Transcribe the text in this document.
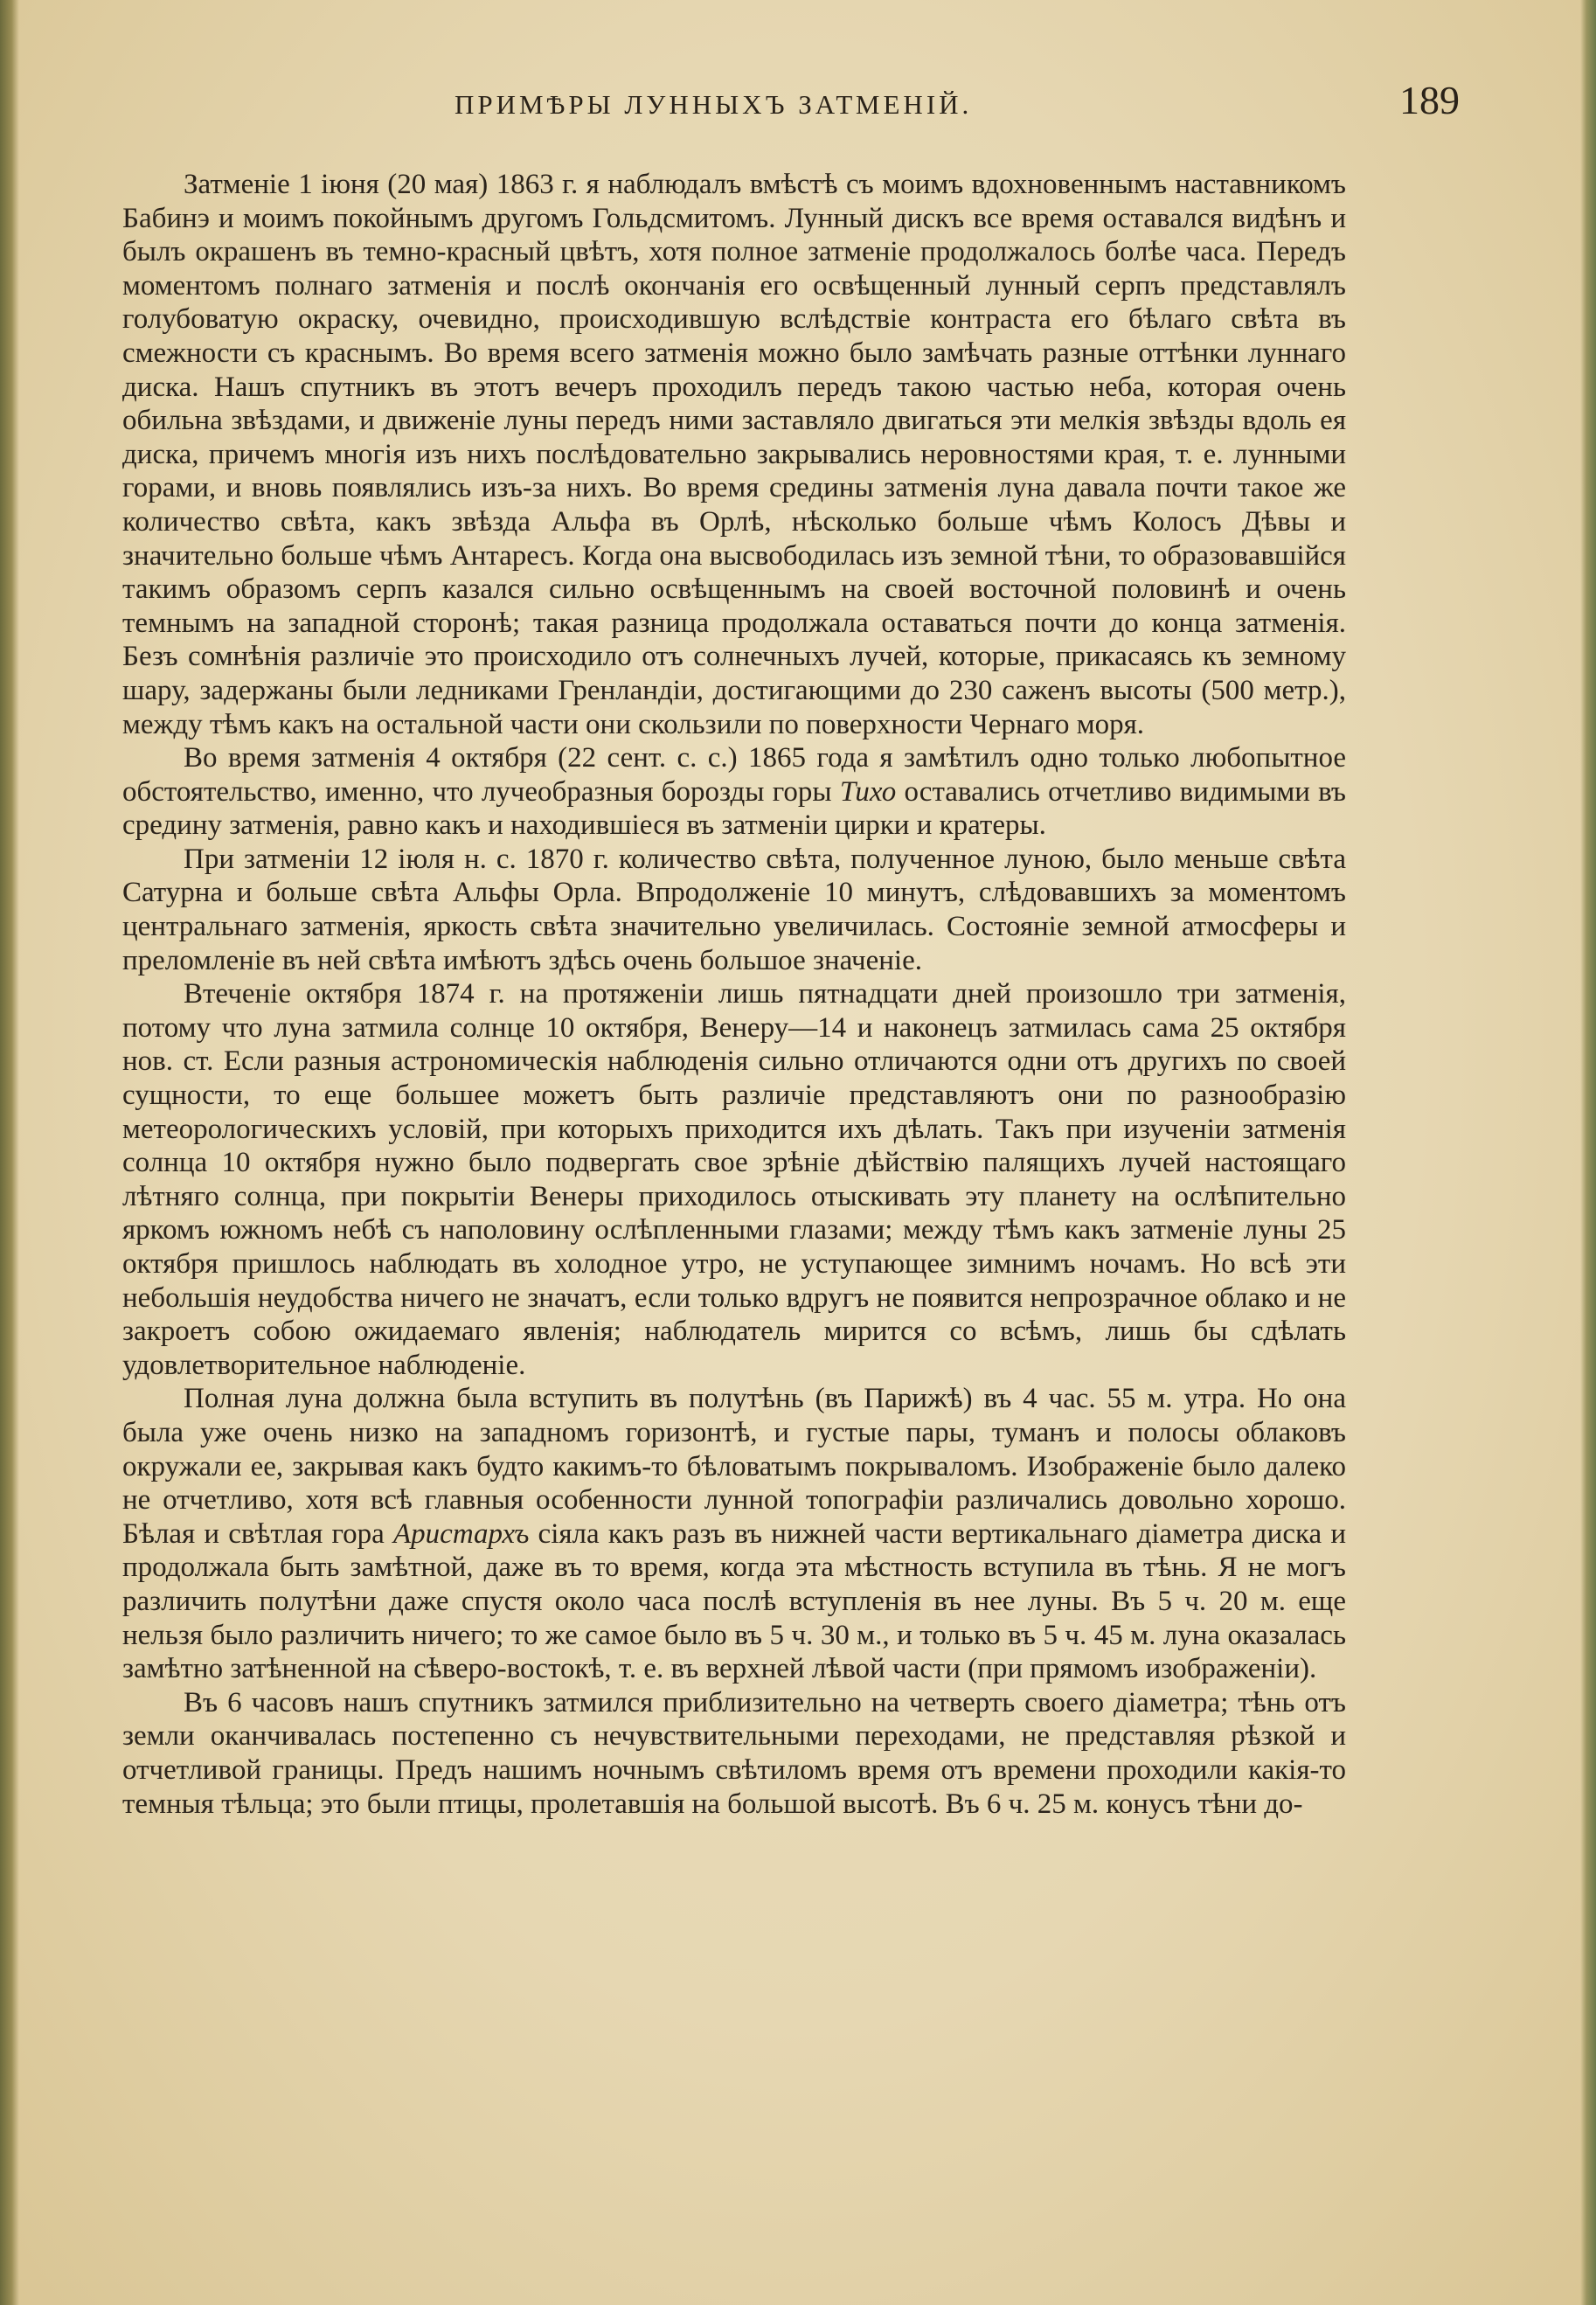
ПРИМѢРЫ ЛУННЫХЪ ЗАТМЕНІЙ.	189

Затменіе 1 іюня (20 мая) 1863 г. я наблюдалъ вмѣстѣ съ моимъ вдохновеннымъ наставникомъ Бабинэ и моимъ покойнымъ другомъ Гольдсмитомъ. Лунный дискъ все время оставался видѣнъ и былъ окрашенъ въ темно-красный цвѣтъ, хотя полное затменіе продолжалось болѣе часа. Передъ моментомъ полнаго затменія и послѣ окончанія его освѣщенный лунный серпъ представлялъ голубоватую окраску, очевидно, происходившую вслѣдствіе контраста его бѣлаго свѣта въ смежности съ краснымъ. Во время всего затменія можно было замѣчать разные оттѣнки луннаго диска. Нашъ спутникъ въ этотъ вечеръ проходилъ передъ такою частью неба, которая очень обильна звѣздами, и движеніе луны передъ ними заставляло двигаться эти мелкія звѣзды вдоль ея диска, причемъ многія изъ нихъ послѣдовательно закрывались неровностями края, т. е. лунными горами, и вновь появлялись изъ-за нихъ. Во время средины затменія луна давала почти такое же количество свѣта, какъ звѣзда Альфа въ Орлѣ, нѣсколько больше чѣмъ Колосъ Дѣвы и значительно больше чѣмъ Антаресъ. Когда она высвободилась изъ земной тѣни, то образовавшійся такимъ образомъ серпъ казался сильно освѣщеннымъ на своей восточной половинѣ и очень темнымъ на западной сторонѣ; такая разница продолжала оставаться почти до конца затменія. Безъ сомнѣнія различіе это происходило отъ солнечныхъ лучей, которые, прикасаясь къ земному шару, задержаны были ледниками Гренландіи, достигающими до 230 саженъ высоты (500 метр.), между тѣмъ какъ на остальной части они скользили по поверхности Чернаго моря.

Во время затменія 4 октября (22 сент. с. с.) 1865 года я замѣтилъ одно только любопытное обстоятельство, именно, что лучеобразныя борозды горы Тихо оставались отчетливо видимыми въ средину затменія, равно какъ и находившіеся въ затменіи цирки и кратеры.

При затменіи 12 іюля н. с. 1870 г. количество свѣта, полученное луною, было меньше свѣта Сатурна и больше свѣта Альфы Орла. Впродолженіе 10 минутъ, слѣдовавшихъ за моментомъ центральнаго затменія, яркость свѣта значительно увеличилась. Состояніе земной атмосферы и преломленіе въ ней свѣта имѣютъ здѣсь очень большое значеніе.

Втеченіе октября 1874 г. на протяженіи лишь пятнадцати дней произошло три затменія, потому что луна затмила солнце 10 октября, Венеру—14 и наконецъ затмилась сама 25 октября нов. ст. Если разныя астрономическія наблюденія сильно отличаются одни отъ другихъ по своей сущности, то еще большее можетъ быть различіе представляютъ они по разнообразію метеорологическихъ условій, при которыхъ приходится ихъ дѣлать. Такъ при изученіи затменія солнца 10 октября нужно было подвергать свое зрѣніе дѣйствію палящихъ лучей настоящаго лѣтняго солнца, при покрытіи Венеры приходилось отыскивать эту планету на ослѣпительно яркомъ южномъ небѣ съ наполовину ослѣпленными глазами; между тѣмъ какъ затменіе луны 25 октября пришлось наблюдать въ холодное утро, не уступающее зимнимъ ночамъ. Но всѣ эти небольшія неудобства ничего не значатъ, если только вдругъ не появится непрозрачное облако и не закроетъ собою ожидаемаго явленія; наблюдатель мирится со всѣмъ, лишь бы сдѣлать удовлетворительное наблюденіе.

Полная луна должна была вступить въ полутѣнь (въ Парижѣ) въ 4 час. 55 м. утра. Но она была уже очень низко на западномъ горизонтѣ, и густые пары, туманъ и полосы облаковъ окружали ее, закрывая какъ будто какимъ-то бѣловатымъ покрываломъ. Изображеніе было далеко не отчетливо, хотя всѣ главныя особенности лунной топографіи различались довольно хорошо. Бѣлая и свѣтлая гора Аристархъ сіяла какъ разъ въ нижней части вертикальнаго діаметра диска и продолжала быть замѣтной, даже въ то время, когда эта мѣстность вступила въ тѣнь. Я не могъ различить полутѣни даже спустя около часа послѣ вступленія въ нее луны. Въ 5 ч. 20 м. еще нельзя было различить ничего; то же самое было въ 5 ч. 30 м., и только въ 5 ч. 45 м. луна оказалась замѣтно затѣненной на сѣверо-востокѣ, т. е. въ верхней лѣвой части (при прямомъ изображеніи).

Въ 6 часовъ нашъ спутникъ затмился приблизительно на четверть своего діаметра; тѣнь отъ земли оканчивалась постепенно съ нечувствительными переходами, не представляя рѣзкой и отчетливой границы. Предъ нашимъ ночнымъ свѣтиломъ время отъ времени проходили какія-то темныя тѣльца; это были птицы, пролетавшія на большой высотѣ. Въ 6 ч. 25 м. конусъ тѣни до-
